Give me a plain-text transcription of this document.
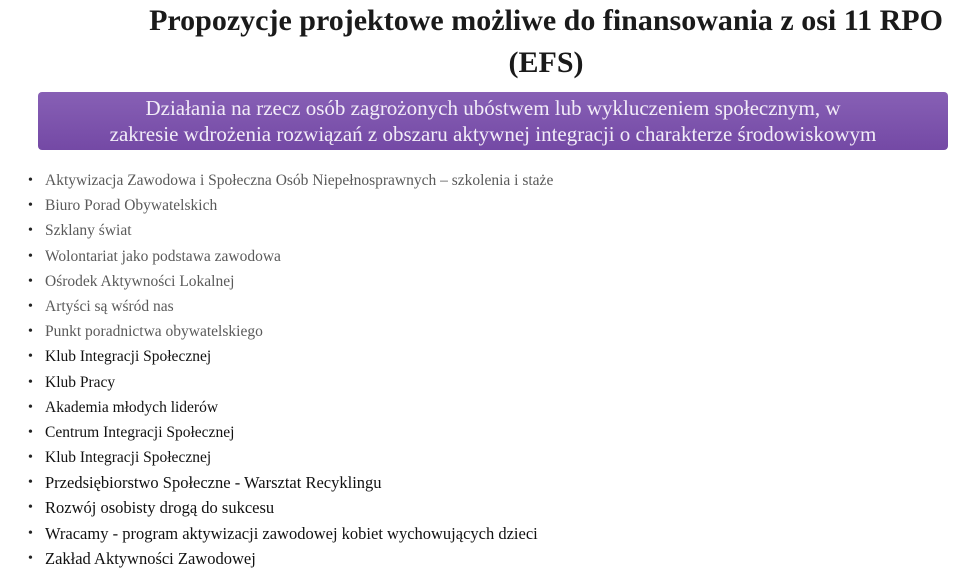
Propozycje projektowe możliwe do finansowania z osi 11 RPO
(EFS)

Działania na rzecz osób zagrożonych ubóstwem lub wykluczeniem społecznym, w
zakresie wdrożenia rozwiązań z obszaru aktywnej integracji o charakterze środowiskowym

• Aktywizacja Zawodowa i Społeczna Osób Niepełnosprawnych – szkolenia i staże
• Biuro Porad Obywatelskich
• Szklany świat
• Wolontariat jako podstawa zawodowa
• Ośrodek Aktywności Lokalnej
• Artyści są wśród nas
• Punkt poradnictwa obywatelskiego
• Klub Integracji Społecznej
• Klub Pracy
• Akademia młodych liderów
• Centrum Integracji Społecznej
• Klub Integracji Społecznej
• Przedsiębiorstwo Społeczne - Warsztat Recyklingu
• Rozwój osobisty drogą do sukcesu
• Wracamy - program aktywizacji zawodowej kobiet wychowujących dzieci
• Zakład Aktywności Zawodowej
